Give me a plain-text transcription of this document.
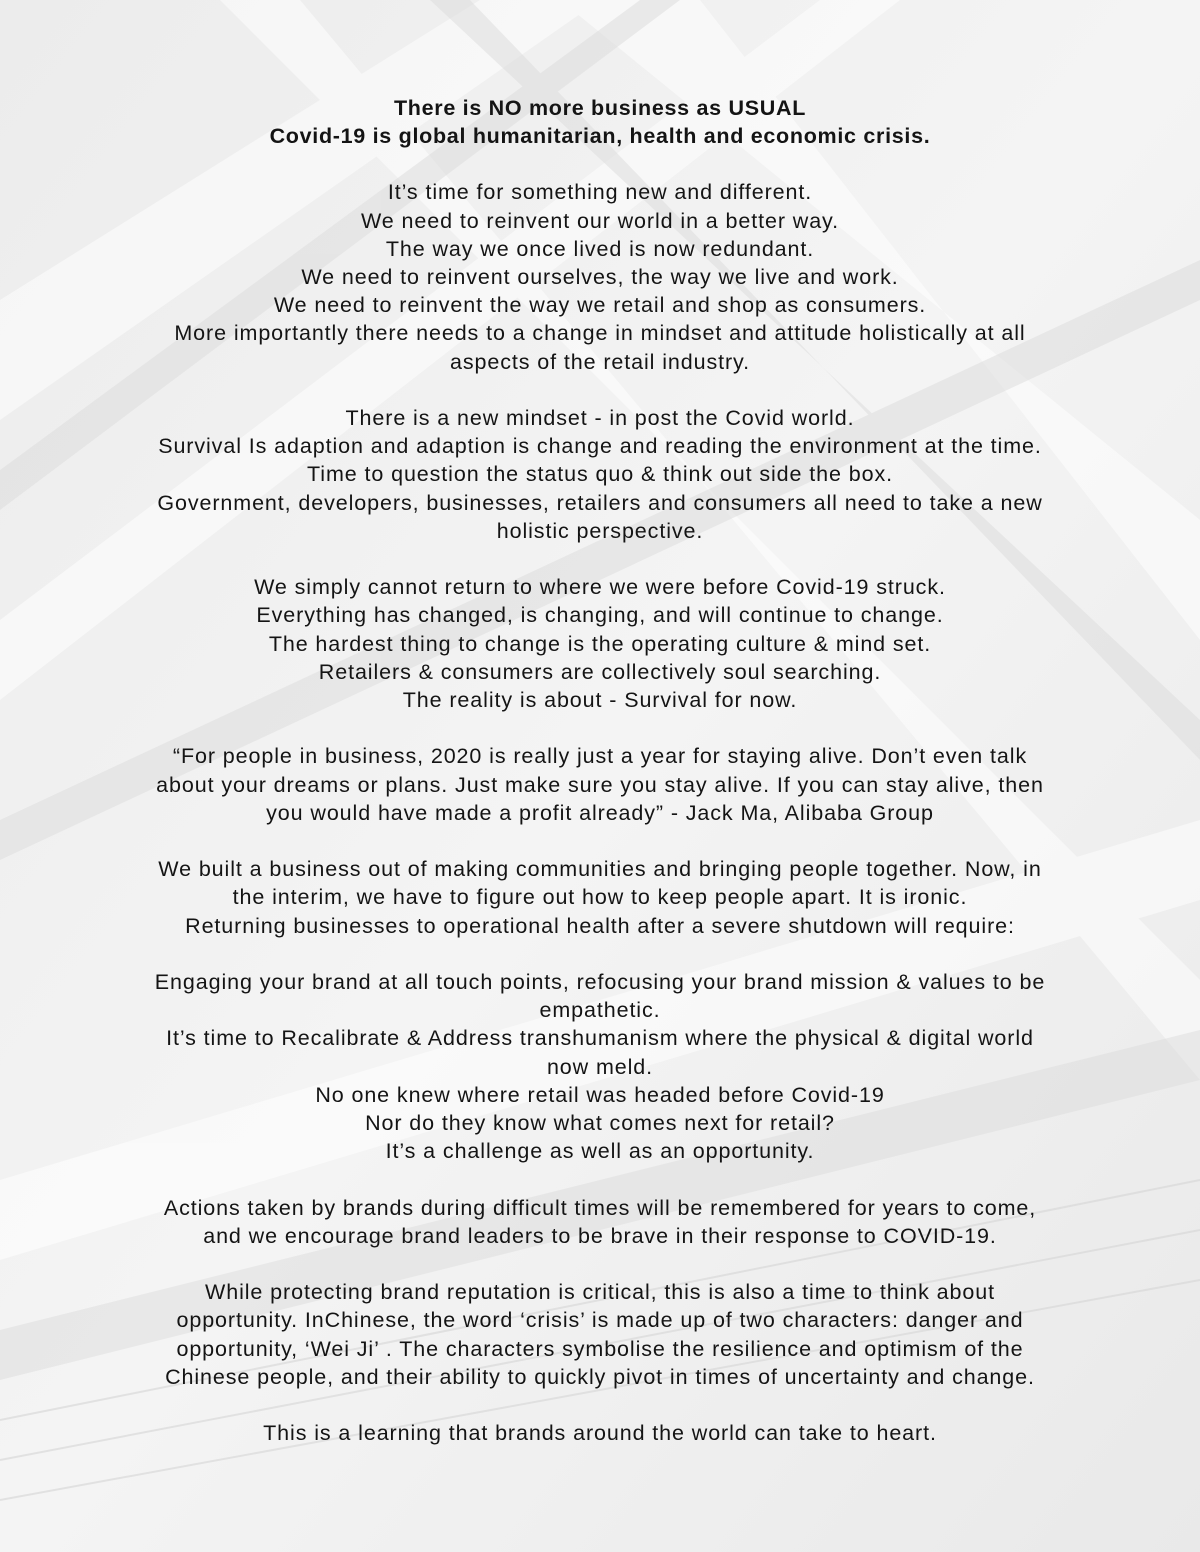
There is NO more business as USUAL
Covid-19 is global humanitarian, health and economic crisis.
It’s time for something new and different.
We need to reinvent our world in a better way.
The way we once lived is now redundant.
We need to reinvent ourselves, the way we live and work.
We need to reinvent the way we retail and shop as consumers.
More importantly there needs to a change in mindset and attitude holistically at all
aspects of the retail industry.
There is a new mindset - in post the Covid world.
Survival Is adaption and adaption is change and reading the environment at the time.
Time to question the status quo & think out side the box.
Government, developers, businesses, retailers and consumers all need to take a new
holistic perspective.
We simply cannot return to where we were before Covid-19 struck.
Everything has changed, is changing, and will continue to change.
The hardest thing to change is the operating culture & mind set.
Retailers & consumers are collectively soul searching.
The reality is about - Survival for now.
“For people in business, 2020 is really just a year for staying alive. Don’t even talk
about your dreams or plans. Just make sure you stay alive. If you can stay alive, then
you would have made a profit already” - Jack Ma, Alibaba Group
We built a business out of making communities and bringing people together. Now, in
the interim, we have to figure out how to keep people apart. It is ironic.
Returning businesses to operational health after a severe shutdown will require:
Engaging your brand at all touch points, refocusing your brand mission & values to be
empathetic.
It’s time to Recalibrate & Address transhumanism where the physical & digital world
now meld.
No one knew where retail was headed before Covid-19
Nor do they know what comes next for retail?
It’s a challenge as well as an opportunity.
Actions taken by brands during difficult times will be remembered for years to come,
and we encourage brand leaders to be brave in their response to COVID-19.
While protecting brand reputation is critical, this is also a time to think about
opportunity. InChinese, the word ‘crisis’ is made up of two characters: danger and
opportunity, ‘Wei Ji’ . The characters symbolise the resilience and optimism of the
Chinese people, and their ability to quickly pivot in times of uncertainty and change.
This is a learning that brands around the world can take to heart.
